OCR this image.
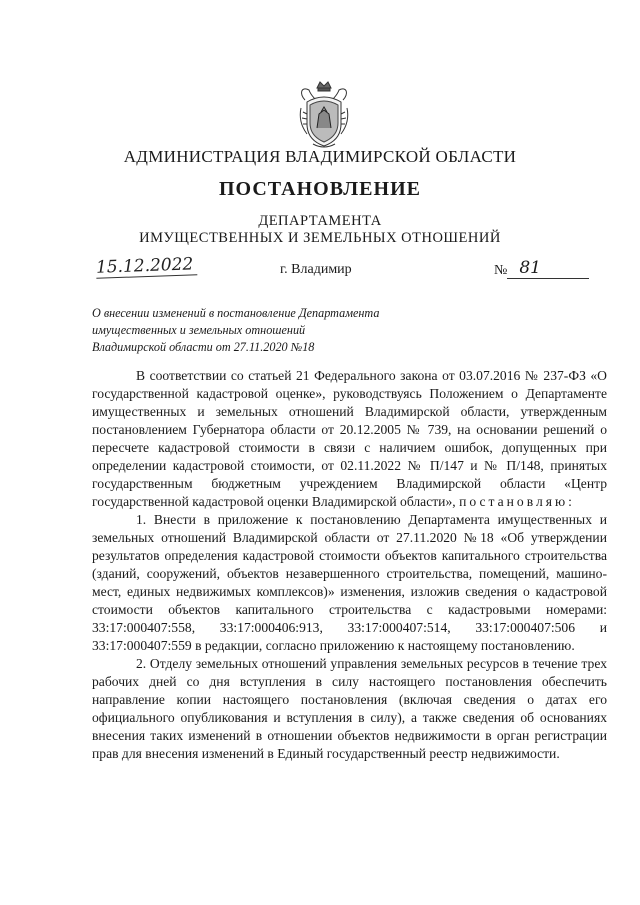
АДМИНИСТРАЦИЯ ВЛАДИМИРСКОЙ ОБЛАСТИ
ПОСТАНОВЛЕНИЕ
ДЕПАРТАМЕНТА
ИМУЩЕСТВЕННЫХ И ЗЕМЕЛЬНЫХ ОТНОШЕНИЙ
15.12.2022	г. Владимир	№ 81
О внесении изменений в постановление Департамента
имущественных и земельных отношений
Владимирской области от 27.11.2020 №18

В соответствии со статьей 21 Федерального закона от 03.07.2016 № 237-ФЗ «О государственной кадастровой оценке», руководствуясь Положением о Департаменте имущественных и земельных отношений Владимирской области, утвержденным постановлением Губернатора области от 20.12.2005 № 739, на основании решений о пересчете кадастровой стоимости в связи с наличием ошибок, допущенных при определении кадастровой стоимости, от 02.11.2022 № П/147 и № П/148, принятых государственным бюджетным учреждением Владимирской области «Центр государственной кадастровой оценки Владимирской области», постановляю:

1. Внести в приложение к постановлению Департамента имущественных и земельных отношений Владимирской области от 27.11.2020 №18 «Об утверждении результатов определения кадастровой стоимости объектов капитального строительства (зданий, сооружений, объектов незавершенного строительства, помещений, машино-мест, единых недвижимых комплексов)» изменения, изложив сведения о кадастровой стоимости объектов капитального строительства с кадастровыми номерами: 33:17:000407:558, 33:17:000406:913, 33:17:000407:514, 33:17:000407:506 и 33:17:000407:559 в редакции, согласно приложению к настоящему постановлению.

2. Отделу земельных отношений управления земельных ресурсов в течение трех рабочих дней со дня вступления в силу настоящего постановления обеспечить направление копии настоящего постановления (включая сведения о датах его официального опубликования и вступления в силу), а также сведения об основаниях внесения таких изменений в отношении объектов недвижимости в орган регистрации прав для внесения изменений в Единый государственный реестр недвижимости.
